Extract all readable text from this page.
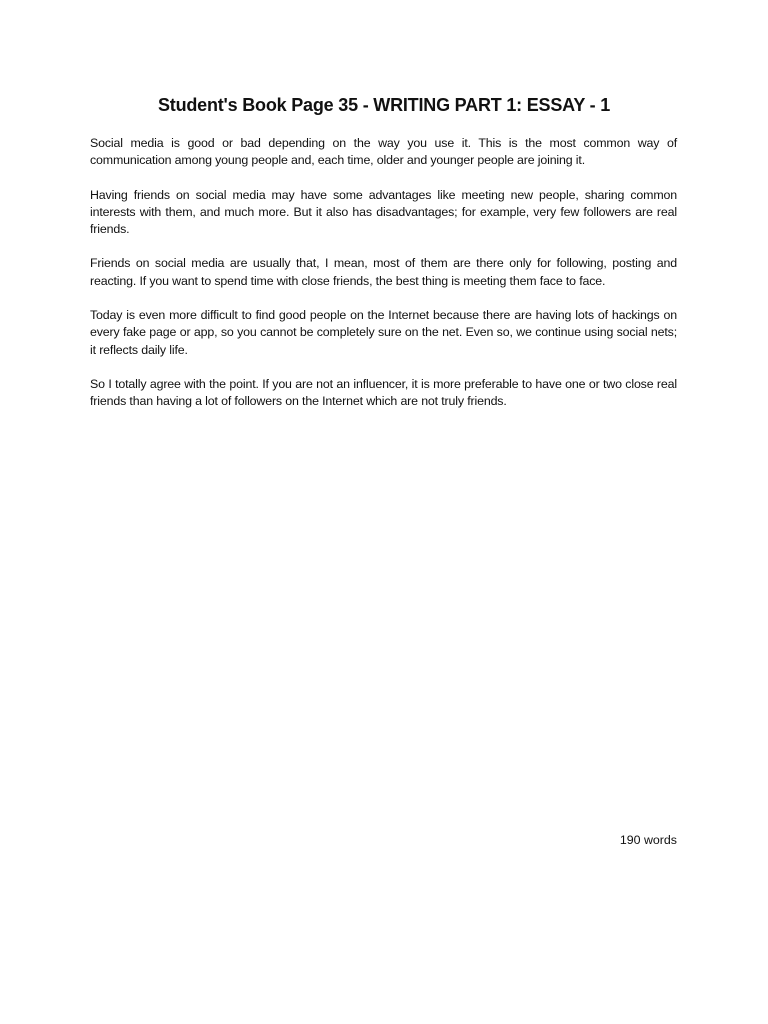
Student's Book Page 35 - WRITING PART 1: ESSAY - 1

Social media is good or bad depending on the way you use it. This is the most common way of communication among young people and, each time, older and younger people are joining it.

Having friends on social media may have some advantages like meeting new people, sharing common interests with them, and much more. But it also has disadvantages; for example, very few followers are real friends.

Friends on social media are usually that, I mean, most of them are there only for following, posting and reacting. If you want to spend time with close friends, the best thing is meeting them face to face.

Today is even more difficult to find good people on the Internet because there are having lots of hackings on every fake page or app, so you cannot be completely sure on the net. Even so, we continue using social nets; it reflects daily life.

So I totally agree with the point. If you are not an influencer, it is more preferable to have one or two close real friends than having a lot of followers on the Internet which are not truly friends.

190 words
